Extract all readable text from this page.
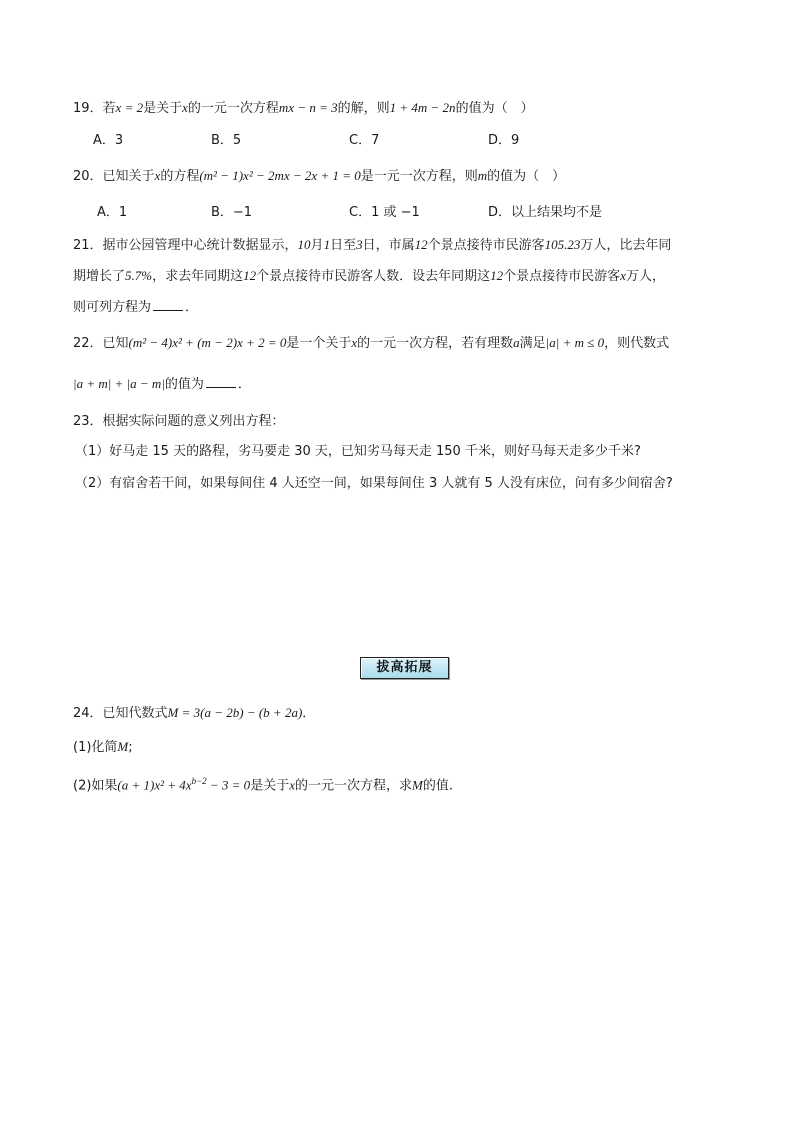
19．若x = 2是关于x的一元一次方程mx − n = 3的解，则1 + 4m − 2n的值为（　）
A．3	B．5	C．7	D．9
20．已知关于x的方程(m² − 1)x² − 2mx − 2x + 1 = 0是一元一次方程，则m的值为（　）
A．1	B．−1	C．1 或 −1	D．以上结果均不是
21．据市公园管理中心统计数据显示，10月1日至3日，市属12个景点接待市民游客105.23万人，比去年同
期增长了5.7%，求去年同期这12个景点接待市民游客人数．设去年同期这12个景点接待市民游客x万人，
则可列方程为	．
22．已知(m² − 4)x² + (m − 2)x + 2 = 0是一个关于x的一元一次方程，若有理数a满足|a| + m ≤ 0，则代数式
|a + m| + |a − m|的值为	．
23．根据实际问题的意义列出方程：
（1）好马走 15 天的路程，劣马要走 30 天，已知劣马每天走 150 千米，则好马每天走多少千米?
（2）有宿舍若干间，如果每间住 4 人还空一间，如果每间住 3 人就有 5 人没有床位，问有多少间宿舍?
拔高拓展
24．已知代数式M = 3(a − 2b) − (b + 2a)．
(1)化简M;
(2)如果$(a + 1)x^2 + 4x^{b-2} - 3 = 0$是关于x的一元一次方程，求M的值.
